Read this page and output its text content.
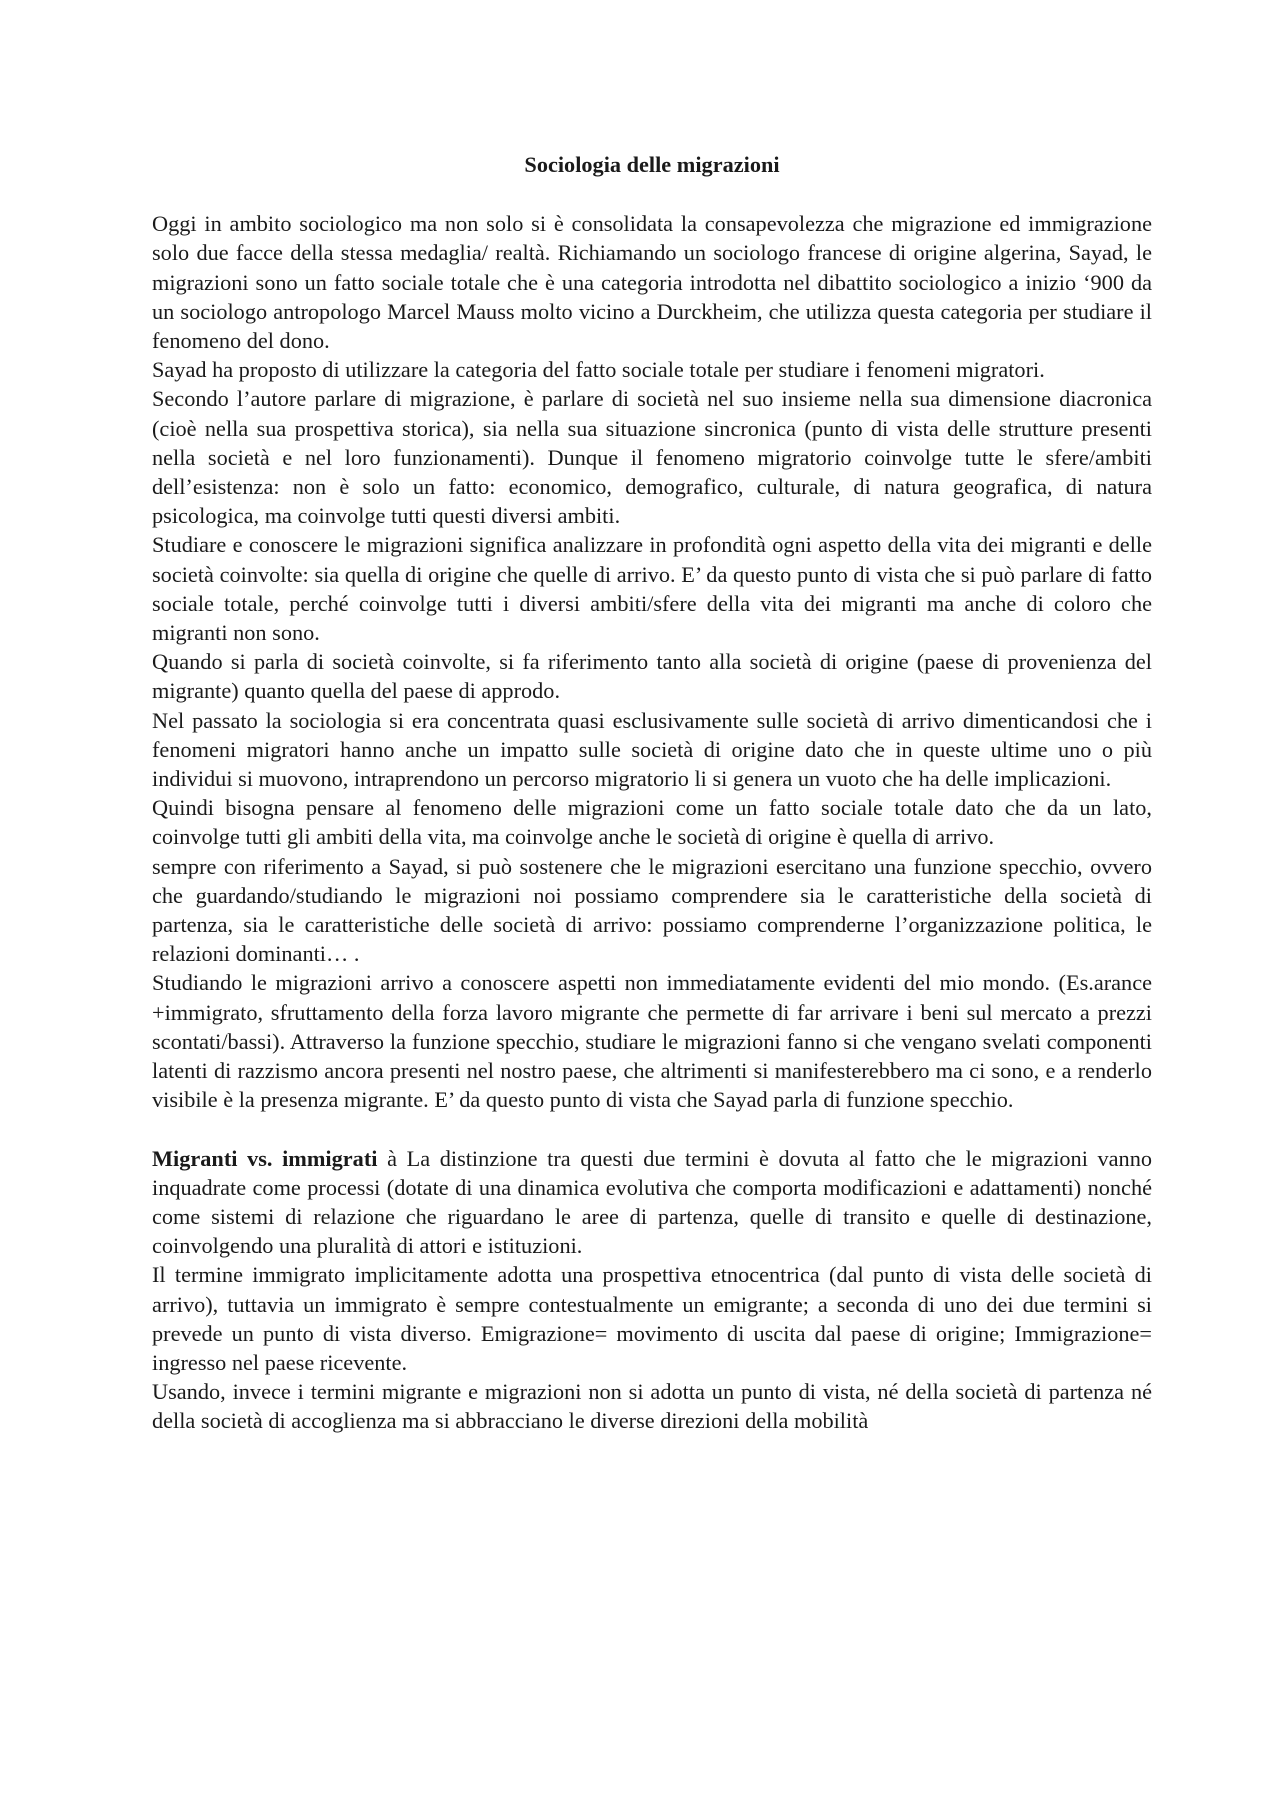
Sociologia delle migrazioni

Oggi in ambito sociologico ma non solo si è consolidata la consapevolezza che migrazione ed immigrazione solo due facce della stessa medaglia/ realtà. Richiamando un sociologo francese di origine algerina, Sayad, le migrazioni sono un fatto sociale totale che è una categoria introdotta nel dibattito sociologico a inizio ‘900 da un sociologo antropologo Marcel Mauss molto vicino a Durckheim, che utilizza questa categoria per studiare il fenomeno del dono.

Sayad ha proposto di utilizzare la categoria del fatto sociale totale per studiare i fenomeni migratori.

Secondo l’autore parlare di migrazione, è parlare di società nel suo insieme nella sua dimensione diacronica (cioè nella sua prospettiva storica), sia nella sua situazione sincronica (punto di vista delle strutture presenti nella società e nel loro funzionamenti). Dunque il fenomeno migratorio coinvolge tutte le sfere/ambiti dell’esistenza: non è solo un fatto: economico, demografico, culturale, di natura geografica, di natura psicologica, ma coinvolge tutti questi diversi ambiti.

Studiare e conoscere le migrazioni significa analizzare in profondità ogni aspetto della vita dei migranti e delle società coinvolte: sia quella di origine che quelle di arrivo. E’ da questo punto di vista che si può parlare di fatto sociale totale, perché coinvolge tutti i diversi ambiti/sfere della vita dei migranti ma anche di coloro che migranti non sono.

Quando si parla di società coinvolte, si fa riferimento tanto alla società di origine (paese di provenienza del migrante) quanto quella del paese di approdo.

Nel passato la sociologia si era concentrata quasi esclusivamente sulle società di arrivo dimenticandosi che i fenomeni migratori hanno anche un impatto sulle società di origine dato che in queste ultime uno o più individui si muovono, intraprendono un percorso migratorio li si genera un vuoto che ha delle implicazioni.

Quindi bisogna pensare al fenomeno delle migrazioni come un fatto sociale totale dato che da un lato, coinvolge tutti gli ambiti della vita, ma coinvolge anche le società di origine è quella di arrivo.

sempre con riferimento a Sayad, si può sostenere che le migrazioni esercitano una funzione specchio, ovvero che guardando/studiando le migrazioni noi possiamo comprendere sia le caratteristiche della società di partenza, sia le caratteristiche delle società di arrivo: possiamo comprenderne l’organizzazione politica, le relazioni dominanti… .

Studiando le migrazioni arrivo a conoscere aspetti non immediatamente evidenti del mio mondo. (Es.arance +immigrato, sfruttamento della forza lavoro migrante che permette di far arrivare i beni sul mercato a prezzi scontati/bassi). Attraverso la funzione specchio, studiare le migrazioni fanno si che vengano svelati componenti latenti di razzismo ancora presenti nel nostro paese, che altrimenti si manifesterebbero ma ci sono, e a renderlo visibile è la presenza migrante. E’ da questo punto di vista che Sayad parla di funzione specchio.

Migranti vs. immigrati à La distinzione tra questi due termini è dovuta al fatto che le migrazioni vanno inquadrate come processi (dotate di una dinamica evolutiva che comporta modificazioni e adattamenti) nonché come sistemi di relazione che riguardano le aree di partenza, quelle di transito e quelle di destinazione, coinvolgendo una pluralità di attori e istituzioni.

Il termine immigrato implicitamente adotta una prospettiva etnocentrica (dal punto di vista delle società di arrivo), tuttavia un immigrato è sempre contestualmente un emigrante; a seconda di uno dei due termini si prevede un punto di vista diverso. Emigrazione= movimento di uscita dal paese di origine; Immigrazione= ingresso nel paese ricevente.

Usando, invece i termini migrante e migrazioni non si adotta un punto di vista, né della società di partenza né della società di accoglienza ma si abbracciano le diverse direzioni della mobilità
